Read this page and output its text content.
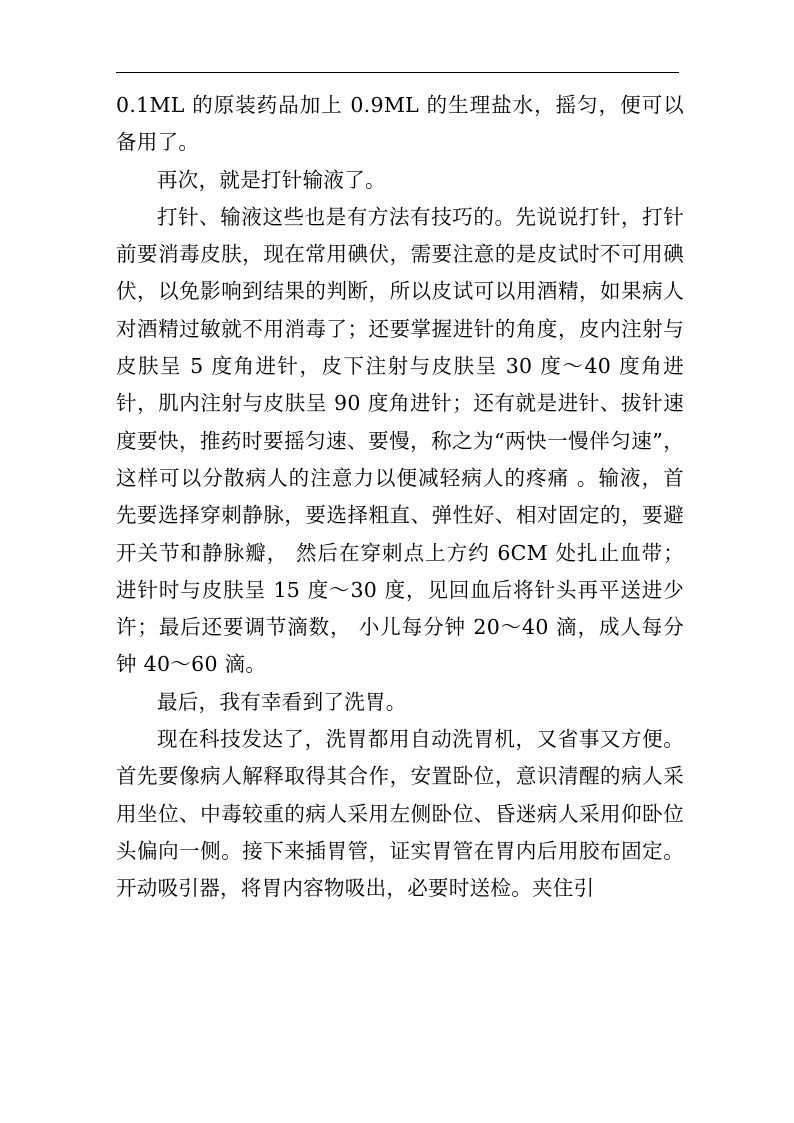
0.1ML 的原装药品加上 0.9ML 的生理盐水，摇匀，便可以备用了。

再次，就是打针输液了。

打针、输液这些也是有方法有技巧的。先说说打针，打针前要消毒皮肤，现在常用碘伏，需要注意的是皮试时不可用碘伏，以免影响到结果的判断，所以皮试可以用酒精，如果病人对酒精过敏就不用消毒了；还要掌握进针的角度，皮内注射与皮肤呈 5 度角进针，皮下注射与皮肤呈 30 度～40 度角进针，肌内注射与皮肤呈 90 度角进针；还有就是进针、拔针速度要快，推药时要摇匀速、要慢，称之为“两快一慢伴匀速”，这样可以分散病人的注意力以便减轻病人的疼痛 。输液，首先要选择穿刺静脉，要选择粗直、弹性好、相对固定的，要避开关节和静脉瓣， 然后在穿刺点上方约 6CM 处扎止血带；进针时与皮肤呈 15 度～30 度，见回血后将针头再平送进少许；最后还要调节滴数， 小儿每分钟 20～40 滴，成人每分钟 40～60 滴。

最后，我有幸看到了洗胃。

现在科技发达了，洗胃都用自动洗胃机，又省事又方便。首先要像病人解释取得其合作，安置卧位，意识清醒的病人采用坐位、中毒较重的病人采用左侧卧位、昏迷病人采用仰卧位头偏向一侧。接下来插胃管，证实胃管在胃内后用胶布固定。开动吸引器，将胃内容物吸出，必要时送检。夹住引
